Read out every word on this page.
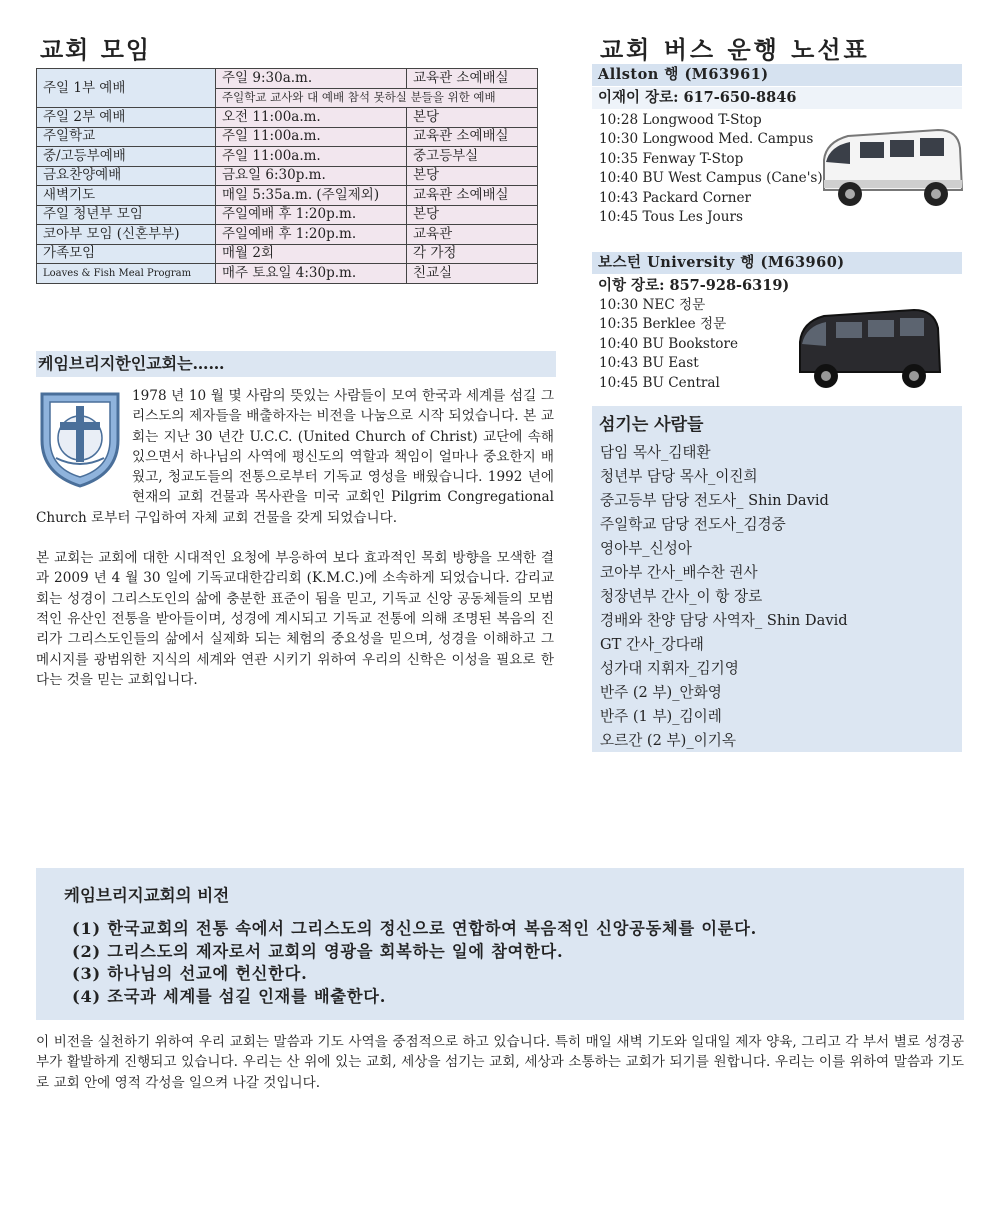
교회 모임
주일 1부 예배	주일 9:30a.m.	교육관 소예배실
	주일학교 교사와 대 예배 참석 못하실 분들을 위한 예배	
주일 2부 예배	오전 11:00a.m.	본당
주일학교	주일 11:00a.m.	교육관 소예배실
중/고등부예배	주일 11:00a.m.	중고등부실
금요찬양예배	금요일 6:30p.m.	본당
새벽기도	매일 5:35a.m. (주일제외)	교육관 소예배실
주일 청년부 모임	주일예배 후 1:20p.m.	본당
코아부 모임 (신혼부부)	주일예배 후 1:20p.m.	교육관
가족모임	매월 2회	각 가정
Loaves & Fish Meal Program	매주 토요일 4:30p.m.	친교실
케임브리지한인교회는……

1978 년 10 월 몇 사람의 뜻있는 사람들이 모여 한국과 세계를 섬길 그리스도의 제자들을 배출하자는 비전을 나눔으로 시작 되었습니다. 본 교회는 지난 30 년간 U.C.C. (United Church of Christ) 교단에 속해 있으면서 하나님의 사역에 평신도의 역할과 책임이 얼마나 중요한지 배웠고, 청교도들의 전통으로부터 기독교 영성을 배웠습니다. 1992 년에 현재의 교회 건물과 목사관을 미국 교회인 Pilgrim Congregational Church 로부터 구입하여 자체 교회 건물을 갖게 되었습니다.

본 교회는 교회에 대한 시대적인 요청에 부응하여 보다 효과적인 목회 방향을 모색한 결과 2009 년 4 월 30 일에 기독교대한감리회 (K.M.C.)에 소속하게 되었습니다. 감리교회는 성경이 그리스도인의 삶에 충분한 표준이 됨을 믿고, 기독교 신앙 공동체들의 모범적인 유산인 전통을 받아들이며, 성경에 계시되고 기독교 전통에 의해 조명된 복음의 진리가 그리스도인들의 삶에서 실제화 되는 체험의 중요성을 믿으며, 성경을 이해하고 그 메시지를 광범위한 지식의 세계와 연관 시키기 위하여 우리의 신학은 이성을 필요로 한다는 것을 믿는 교회입니다.

교회 버스 운행 노선표
Allston 행 (M63961)
이재이 장로: 617-650-8846
10:28 Longwood T-Stop
10:30 Longwood Med. Campus
10:35 Fenway T-Stop
10:40 BU West Campus (Cane's)
10:43 Packard Corner
10:45 Tous Les Jours
보스턴 University 행 (M63960)
이항 장로: 857-928-6319)
10:30 NEC 정문
10:35 Berklee 정문
10:40 BU Bookstore
10:43 BU East
10:45 BU Central
섬기는 사람들
담임 목사_김태환
청년부 담당 목사_이진희
중고등부 담당 전도사_ Shin David
주일학교 담당 전도사_김경중
영아부_신성아
코아부 간사_배수찬 권사
청장년부 간사_이 항 장로
경배와 찬양 담당 사역자_ Shin David
GT 간사_강다래
성가대 지휘자_김기영
반주 (2 부)_안화영
반주 (1 부)_김이레
오르간 (2 부)_이기옥
케임브리지교회의 비전
(1) 한국교회의 전통 속에서 그리스도의 정신으로 연합하여 복음적인 신앙공동체를 이룬다.
(2) 그리스도의 제자로서 교회의 영광을 회복하는 일에 참여한다.
(3) 하나님의 선교에 헌신한다.
(4) 조국과 세계를 섬길 인재를 배출한다.
이 비전을 실천하기 위하여 우리 교회는 말씀과 기도 사역을 중점적으로 하고 있습니다. 특히 매일 새벽 기도와 일대일 제자 양육, 그리고 각 부서 별로 성경공부가 활발하게 진행되고 있습니다. 우리는 산 위에 있는 교회, 세상을 섬기는 교회, 세상과 소통하는 교회가 되기를 원합니다. 우리는 이를 위하여 말씀과 기도로 교회 안에 영적 각성을 일으켜 나갈 것입니다.
